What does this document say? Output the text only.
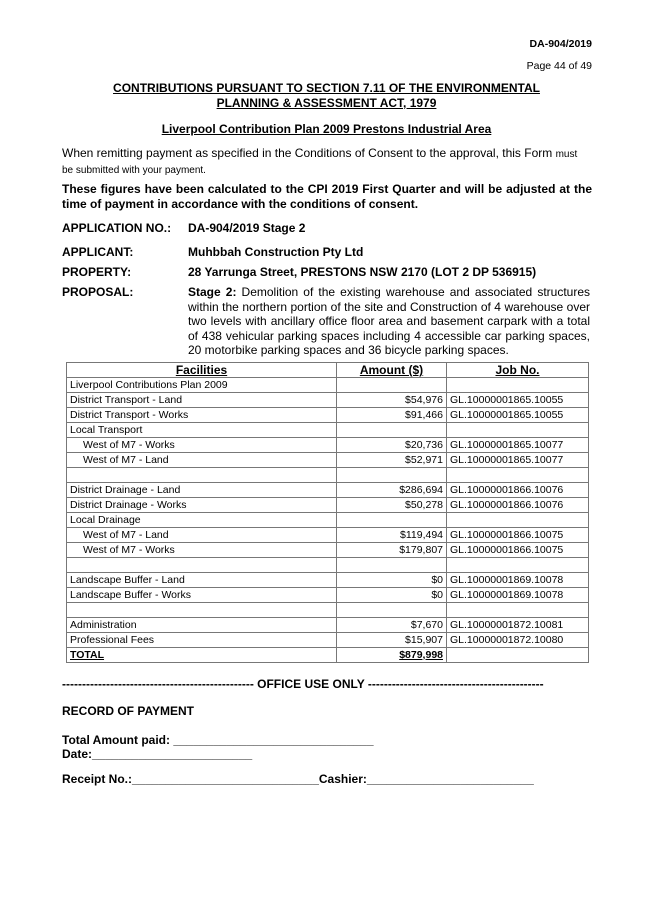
DA-904/2019
Page 44 of 49
CONTRIBUTIONS PURSUANT TO SECTION 7.11 OF THE ENVIRONMENTAL
PLANNING & ASSESSMENT ACT, 1979
Liverpool Contribution Plan 2009 Prestons Industrial Area

When remitting payment as specified in the Conditions of Consent to the approval, this Form must
be submitted with your payment.

These figures have been calculated to the CPI 2019 First Quarter and will be adjusted at the time of payment in accordance with the conditions of consent.

APPLICATION NO.: DA-904/2019 Stage 2
APPLICANT:	Muhbbah Construction Pty Ltd
PROPERTY:	28 Yarrunga Street, PRESTONS NSW 2170 (LOT 2 DP 536915)
PROPOSAL:	Stage 2: Demolition of the existing warehouse and associated structures within the northern portion of the site and Construction of 4 warehouse over two levels with ancillary office floor area and basement carpark with a total of 438 vehicular parking spaces including 4 accessible car parking spaces, 20 motorbike parking spaces and 36 bicycle parking spaces.

Facilities	Amount ($)	Job No.
Liverpool Contributions Plan 2009		
District Transport - Land	$54,976	GL.10000001865.10055
District Transport - Works	$91,466	GL.10000001865.10055
Local Transport		
West of M7 - Works	$20,736	GL.10000001865.10077
West of M7 - Land	$52,971	GL.10000001865.10077

District Drainage - Land	$286,694	GL.10000001866.10076
District Drainage - Works	$50,278	GL.10000001866.10076
Local Drainage		
West of M7 - Land	$119,494	GL.10000001866.10075
West of M7 - Works	$179,807	GL.10000001866.10075

Landscape Buffer - Land	$0	GL.10000001869.10078
Landscape Buffer - Works	$0	GL.10000001869.10078

Administration	$7,670	GL.10000001872.10081
Professional Fees	$15,907	GL.10000001872.10080
TOTAL	$879,998	
------------------------------------------------ OFFICE USE ONLY --------------------------------------------
RECORD OF PAYMENT
Total Amount paid: ______________________________
Date:________________________
Receipt No.:____________________________Cashier:_________________________
